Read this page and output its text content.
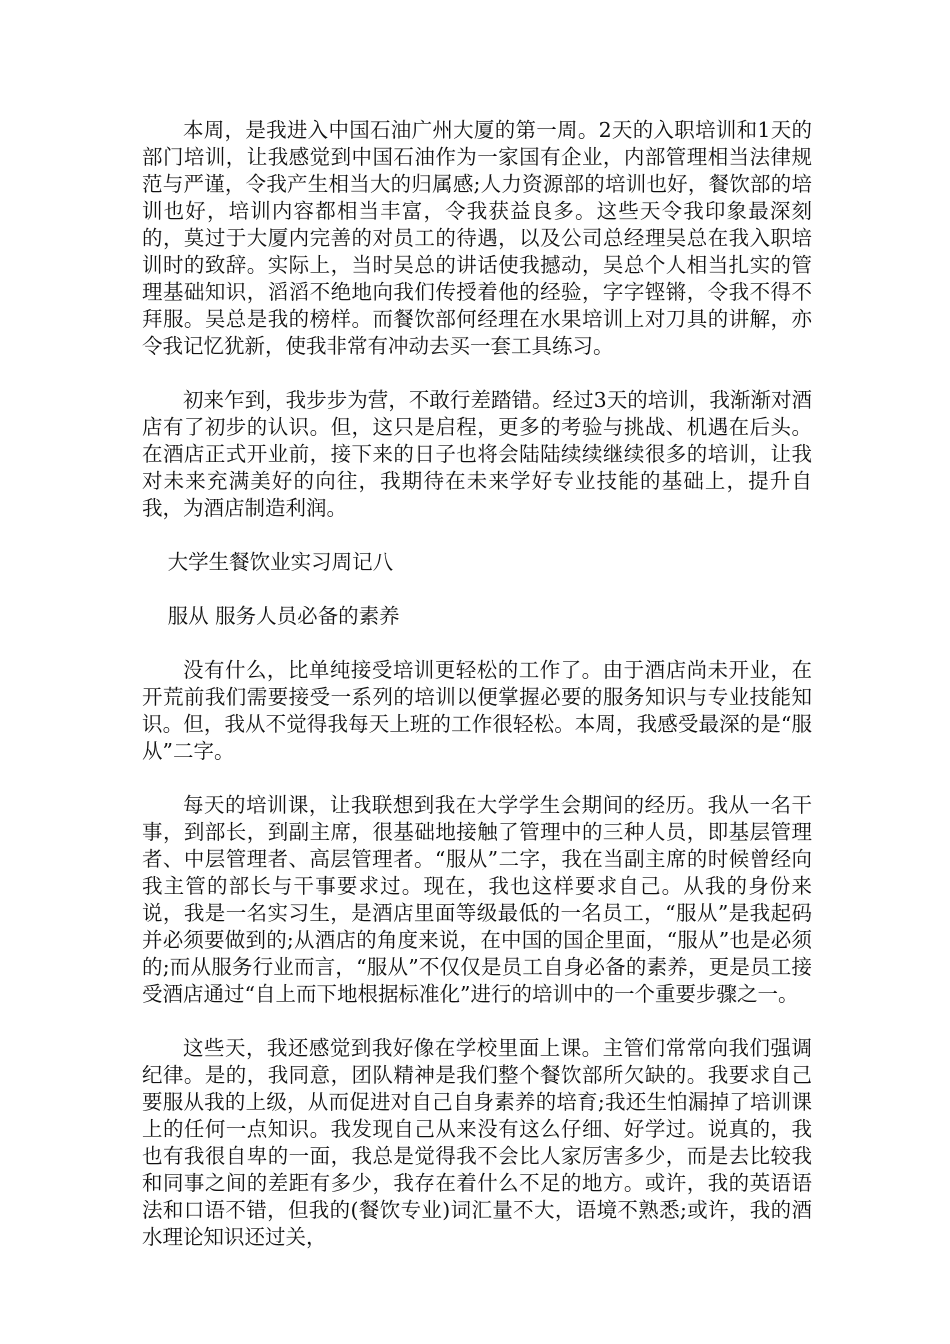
本周，是我进入中国石油广州大厦的第一周。2天的入职培训和1天的部门培训，让我感觉到中国石油作为一家国有企业，内部管理相当法律规范与严谨，令我产生相当大的归属感;人力资源部的培训也好，餐饮部的培训也好，培训内容都相当丰富，令我获益良多。这些天令我印象最深刻的，莫过于大厦内完善的对员工的待遇，以及公司总经理吴总在我入职培训时的致辞。实际上，当时吴总的讲话使我撼动，吴总个人相当扎实的管理基础知识，滔滔不绝地向我们传授着他的经验，字字铿锵，令我不得不拜服。吴总是我的榜样。而餐饮部何经理在水果培训上对刀具的讲解，亦令我记忆犹新，使我非常有冲动去买一套工具练习。

初来乍到，我步步为营，不敢行差踏错。经过3天的培训，我渐渐对酒店有了初步的认识。但，这只是启程，更多的考验与挑战、机遇在后头。在酒店正式开业前，接下来的日子也将会陆陆续续继续很多的培训，让我对未来充满美好的向往，我期待在未来学好专业技能的基础上，提升自我，为酒店制造利润。

大学生餐饮业实习周记八

服从 服务人员必备的素养

没有什么，比单纯接受培训更轻松的工作了。由于酒店尚未开业，在开荒前我们需要接受一系列的培训以便掌握必要的服务知识与专业技能知识。但，我从不觉得我每天上班的工作很轻松。本周，我感受最深的是“服从”二字。

每天的培训课，让我联想到我在大学学生会期间的经历。我从一名干事，到部长，到副主席，很基础地接触了管理中的三种人员，即基层管理者、中层管理者、高层管理者。“服从”二字，我在当副主席的时候曾经向我主管的部长与干事要求过。现在，我也这样要求自己。从我的身份来说，我是一名实习生，是酒店里面等级最低的一名员工，“服从”是我起码并必须要做到的;从酒店的角度来说，在中国的国企里面，“服从”也是必须的;而从服务行业而言，“服从”不仅仅是员工自身必备的素养，更是员工接受酒店通过“自上而下地根据标准化”进行的培训中的一个重要步骤之一。

这些天，我还感觉到我好像在学校里面上课。主管们常常向我们强调纪律。是的，我同意，团队精神是我们整个餐饮部所欠缺的。我要求自己要服从我的上级，从而促进对自己自身素养的培育;我还生怕漏掉了培训课上的任何一点知识。我发现自己从来没有这么仔细、好学过。说真的，我也有我很自卑的一面，我总是觉得我不会比人家厉害多少，而是去比较我和同事之间的差距有多少，我存在着什么不足的地方。或许，我的英语语法和口语不错，但我的(餐饮专业)词汇量不大，语境不熟悉;或许，我的酒水理论知识还过关，
